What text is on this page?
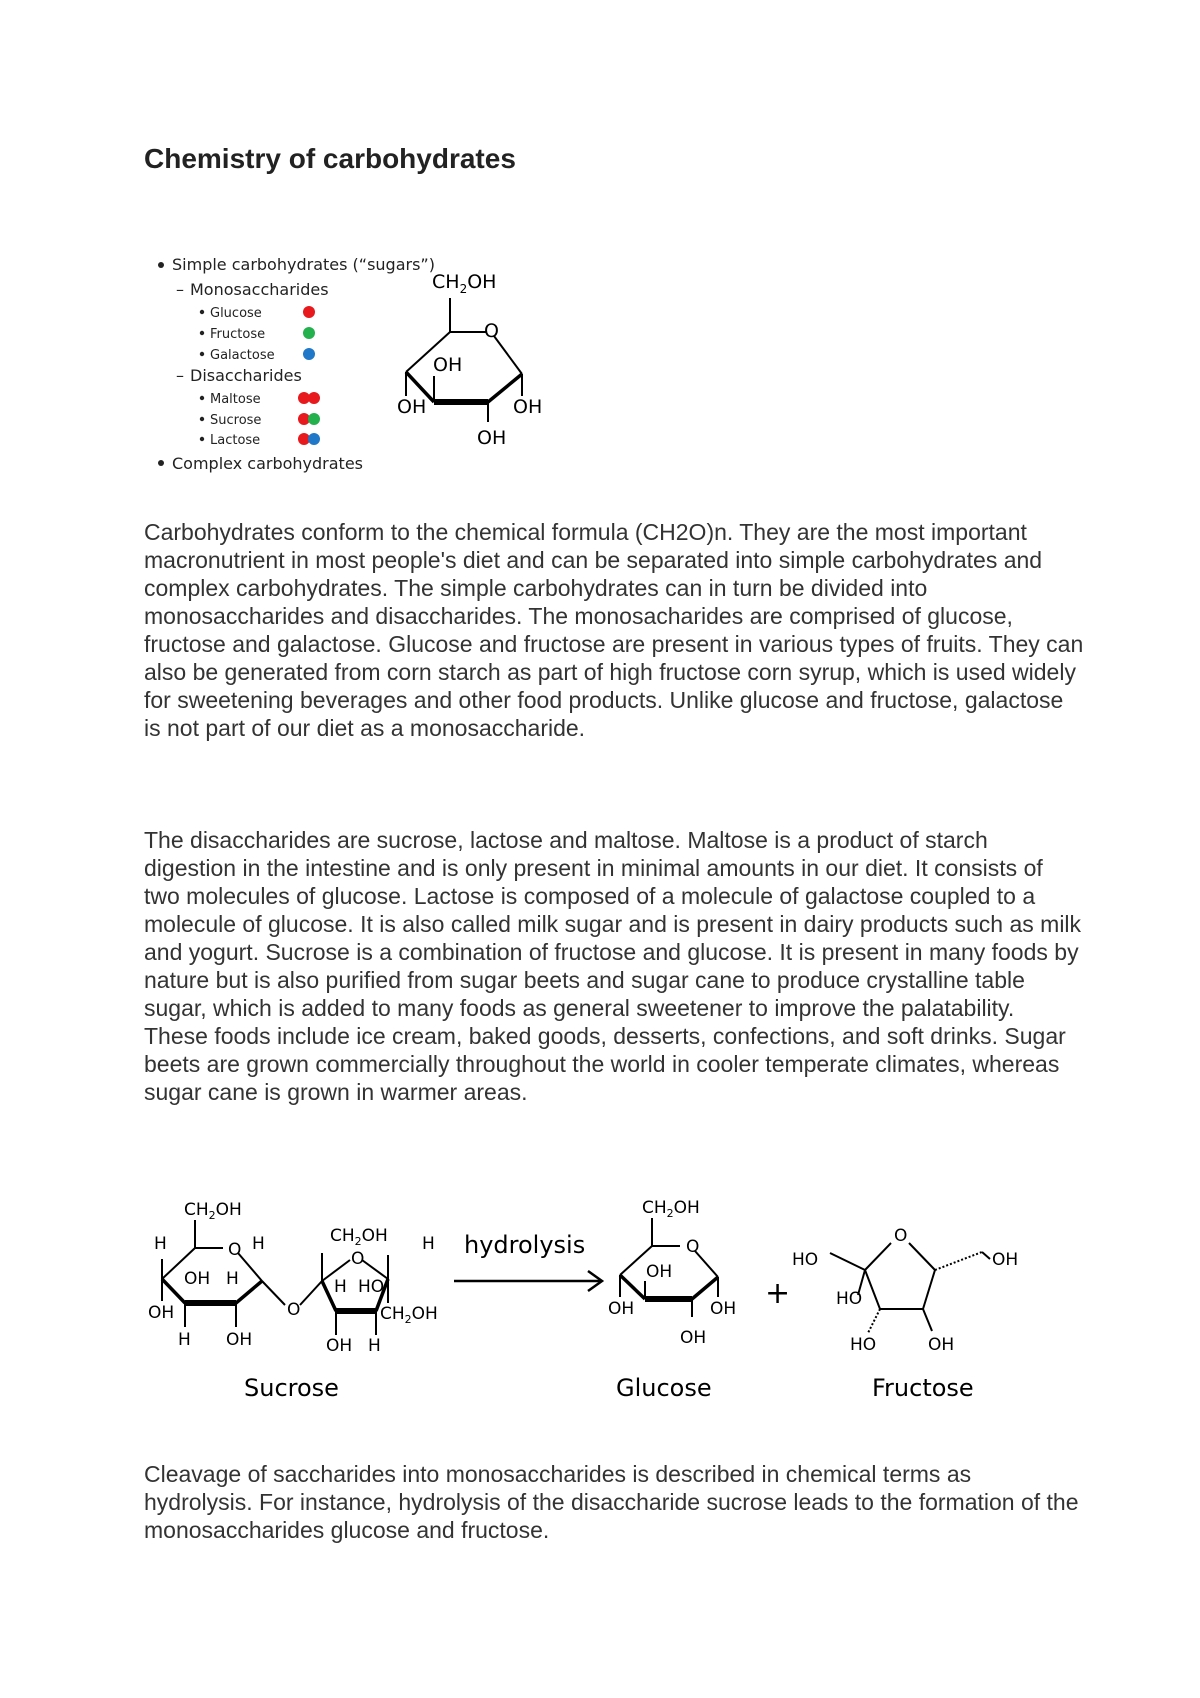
Chemistry of carbohydrates
Simple carbohydrates (“sugars”)
– Monosaccharides
Glucose
Fructose
Galactose
– Disaccharides
Maltose
Sucrose
Lactose
Complex carbohydrates
$CH_2OH$
O
OH
OH	OH
OH

Carbohydrates conform to the chemical formula (CH2O)n. They are the most important macronutrient in most people's diet and can be separated into simple carbohydrates and complex carbohydrates. The simple carbohydrates can in turn be divided into monosaccharides and disaccharides. The monosacharides are comprised of glucose, fructose and galactose. Glucose and fructose are present in various types of fruits. They can also be generated from corn starch as part of high fructose corn syrup, which is used widely for sweetening beverages and other food products. Unlike glucose and fructose, galactose is not part of our diet as a monosaccharide.

The disaccharides are sucrose, lactose and maltose. Maltose is a product of starch digestion in the intestine and is only present in minimal amounts in our diet. It consists of two molecules of glucose. Lactose is composed of a molecule of galactose coupled to a molecule of glucose. It is also called milk sugar and is present in dairy products such as milk and yogurt. Sucrose is a combination of fructose and glucose. It is present in many foods by nature but is also purified from sugar beets and sugar cane to produce crystalline table sugar, which is added to many foods as general sweetener to improve the palatability. These foods include ice cream, baked goods, desserts, confections, and soft drinks. Sugar beets are grown commercially throughout the world in cooler temperate climates, whereas sugar cane is grown in warmer areas.

$CH_2OH$
H	O H
OH H
OH
H OH
O
$CH_2OH$
O
H
H HO
$CH_2OH$
OH H
Sucrose
hydrolysis
$CH_2OH$
O
OH
OH	OH
OH
Glucose
+
HO
O
OH
HO
HO	OH
Fructose

Cleavage of saccharides into monosaccharides is described in chemical terms as hydrolysis. For instance, hydrolysis of the disaccharide sucrose leads to the formation of the monosaccharides glucose and fructose.
